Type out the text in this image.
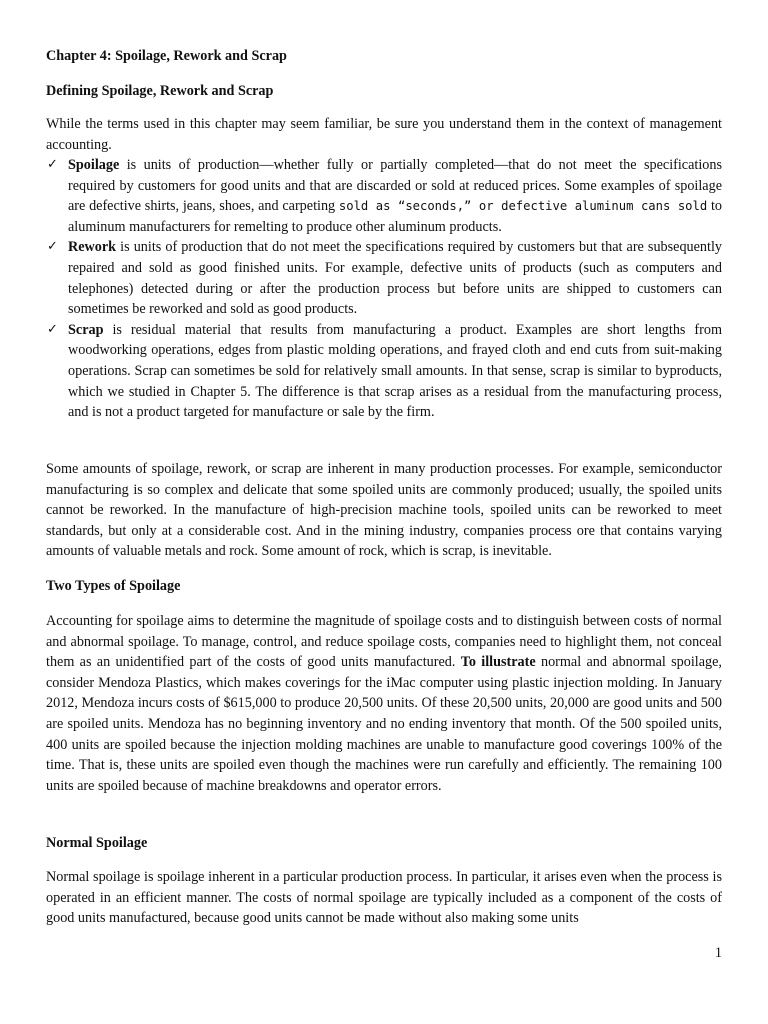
Chapter 4: Spoilage, Rework and Scrap

Defining Spoilage, Rework and Scrap

While the terms used in this chapter may seem familiar, be sure you understand them in the context of management accounting.

✓ Spoilage is units of production—whether fully or partially completed—that do not meet the specifications required by customers for good units and that are discarded or sold at reduced prices. Some examples of spoilage are defective shirts, jeans, shoes, and carpeting sold as “seconds,” or defective aluminum cans sold to aluminum manufacturers for remelting to produce other aluminum products.
✓ Rework is units of production that do not meet the specifications required by customers but that are subsequently repaired and sold as good finished units. For example, defective units of products (such as computers and telephones) detected during or after the production process but before units are shipped to customers can sometimes be reworked and sold as good products.
✓ Scrap is residual material that results from manufacturing a product. Examples are short lengths from woodworking operations, edges from plastic molding operations, and frayed cloth and end cuts from suit-making operations. Scrap can sometimes be sold for relatively small amounts. In that sense, scrap is similar to byproducts, which we studied in Chapter 5. The difference is that scrap arises as a residual from the manufacturing process, and is not a product targeted for manufacture or sale by the firm.

Some amounts of spoilage, rework, or scrap are inherent in many production processes. For example, semiconductor manufacturing is so complex and delicate that some spoiled units are commonly produced; usually, the spoiled units cannot be reworked. In the manufacture of high-precision machine tools, spoiled units can be reworked to meet standards, but only at a considerable cost. And in the mining industry, companies process ore that contains varying amounts of valuable metals and rock. Some amount of rock, which is scrap, is inevitable.

Two Types of Spoilage

Accounting for spoilage aims to determine the magnitude of spoilage costs and to distinguish between costs of normal and abnormal spoilage. To manage, control, and reduce spoilage costs, companies need to highlight them, not conceal them as an unidentified part of the costs of good units manufactured. To illustrate normal and abnormal spoilage, consider Mendoza Plastics, which makes coverings for the iMac computer using plastic injection molding. In January 2012, Mendoza incurs costs of $615,000 to produce 20,500 units. Of these 20,500 units, 20,000 are good units and 500 are spoiled units. Mendoza has no beginning inventory and no ending inventory that month. Of the 500 spoiled units, 400 units are spoiled because the injection molding machines are unable to manufacture good coverings 100% of the time. That is, these units are spoiled even though the machines were run carefully and efficiently. The remaining 100 units are spoiled because of machine breakdowns and operator errors.

Normal Spoilage

Normal spoilage is spoilage inherent in a particular production process. In particular, it arises even when the process is operated in an efficient manner. The costs of normal spoilage are typically included as a component of the costs of good units manufactured, because good units cannot be made without also making some units

1
